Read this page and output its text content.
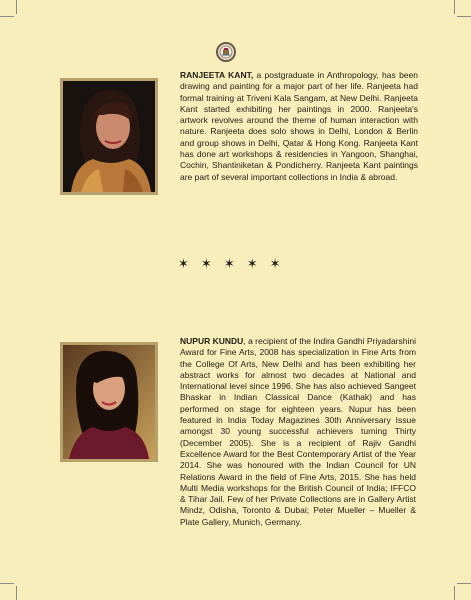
RANJEETA KANT, a postgraduate in Anthropology, has been drawing and painting for a major part of her life. Ranjeeta had formal training at Triveni Kala Sangam, at New Delhi. Ranjeeta Kant started exhibiting her paintings in 2000. Ranjeeta's artwork revolves around the theme of human interaction with nature. Ranjeeta does solo shows in Delhi, London & Berlin and group shows in Delhi, Qatar & Hong Kong. Ranjeeta Kant has done art workshops & residencies in Yangoon, Shanghai, Cochin, Shantiniketan & Pondicherry. Ranjeeta Kant paintings are part of several important collections in India & abroad.
✶ ✶ ✶ ✶ ✶
NUPUR KUNDU, a recipient of the Indira Gandhi Priyadarshini Award for Fine Arts, 2008 has specialization in Fine Arts from the College Of Arts, New Delhi and has been exhibiting her abstract works for almost two decades at National and International level since 1996. She has also achieved Sangeet Bhaskar in Indian Classical Dance (Kathak) and has performed on stage for eighteen years. Nupur has been featured in India Today Magazines 30th Anniversary Issue amongst 30 young successful achievers turning Thirty (December 2005). She is a recipient of Rajiv Gandhi Excellence Award for the Best Contemporary Artist of the Year 2014. She was honoured with the Indian Council for UN Relations Award in the field of Fine Arts, 2015. She has held Multi Media workshops for the British Council of India; IFFCO & Tihar Jail. Few of her Private Collections are in Gallery Artist Mindz, Odisha, Toronto & Dubai; Peter Mueller – Mueller & Plate Gallery, Munich, Germany.
